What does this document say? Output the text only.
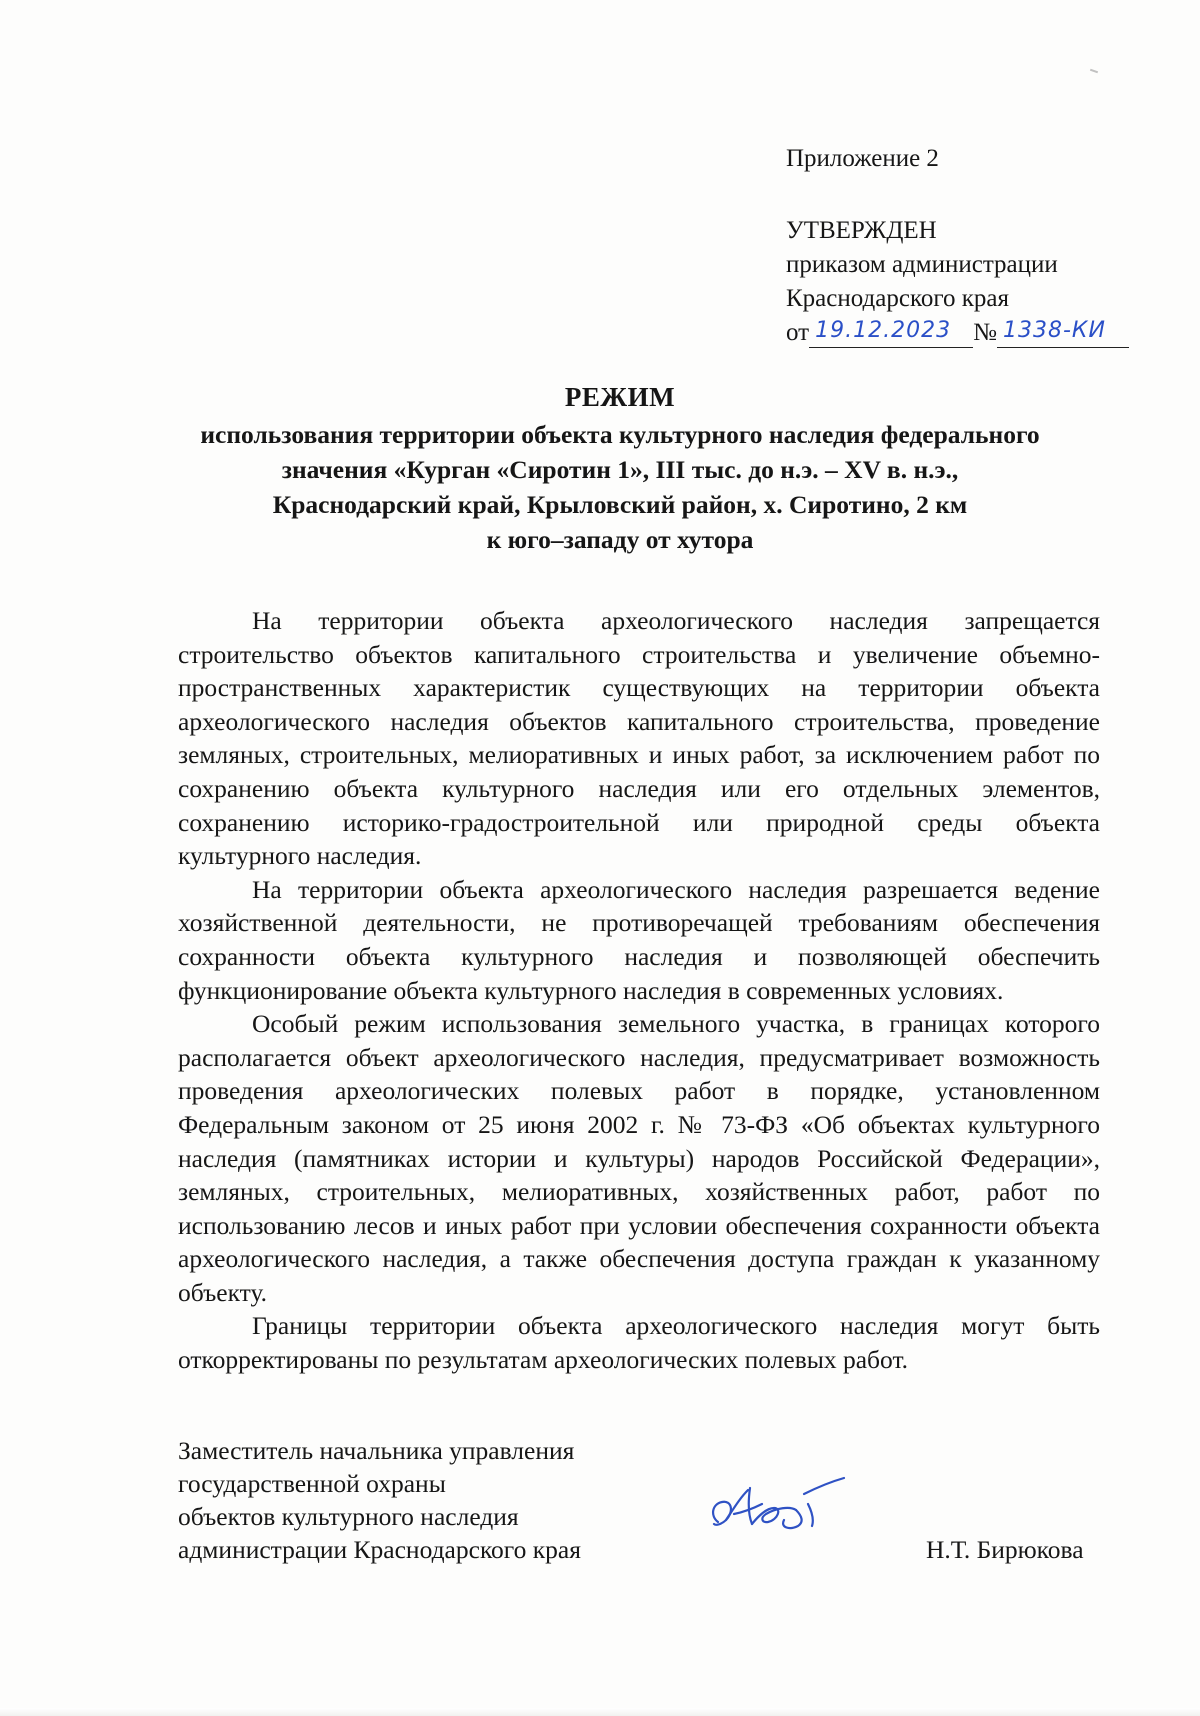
Приложение 2
УТВЕРЖДЕН
приказом администрации
Краснодарского края
от 19.12.2023 № 1338-КИ
РЕЖИМ
использования территории объекта культурного наследия федерального
значения «Курган «Сиротин 1», III тыс. до н.э. – XV в. н.э.,
Краснодарский край, Крыловский район, х. Сиротино, 2 км
к юго–западу от хутора

На территории объекта археологического наследия запрещается строительство объектов капитального строительства и увеличение объемно-пространственных характеристик существующих на территории объекта археологического наследия объектов капитального строительства, проведение земляных, строительных, мелиоративных и иных работ, за исключением работ по сохранению объекта культурного наследия или его отдельных элементов, сохранению историко-градостроительной или природной среды объекта культурного наследия.

На территории объекта археологического наследия разрешается ведение хозяйственной деятельности, не противоречащей требованиям обеспечения сохранности объекта культурного наследия и позволяющей обеспечить функционирование объекта культурного наследия в современных условиях.

Особый режим использования земельного участка, в границах которого располагается объект археологического наследия, предусматривает возможность проведения археологических полевых работ в порядке, установленном Федеральным законом от 25 июня 2002 г. № 73-ФЗ «Об объектах культурного наследия (памятниках истории и культуры) народов Российской Федерации», земляных, строительных, мелиоративных, хозяйственных работ, работ по использованию лесов и иных работ при условии обеспечения сохранности объекта археологического наследия, а также обеспечения доступа граждан к указанному объекту.

Границы территории объекта археологического наследия могут быть откорректированы по результатам археологических полевых работ.

Заместитель начальника управления
государственной охраны
объектов культурного наследия
администрации Краснодарского края	Н.Т. Бирюкова
